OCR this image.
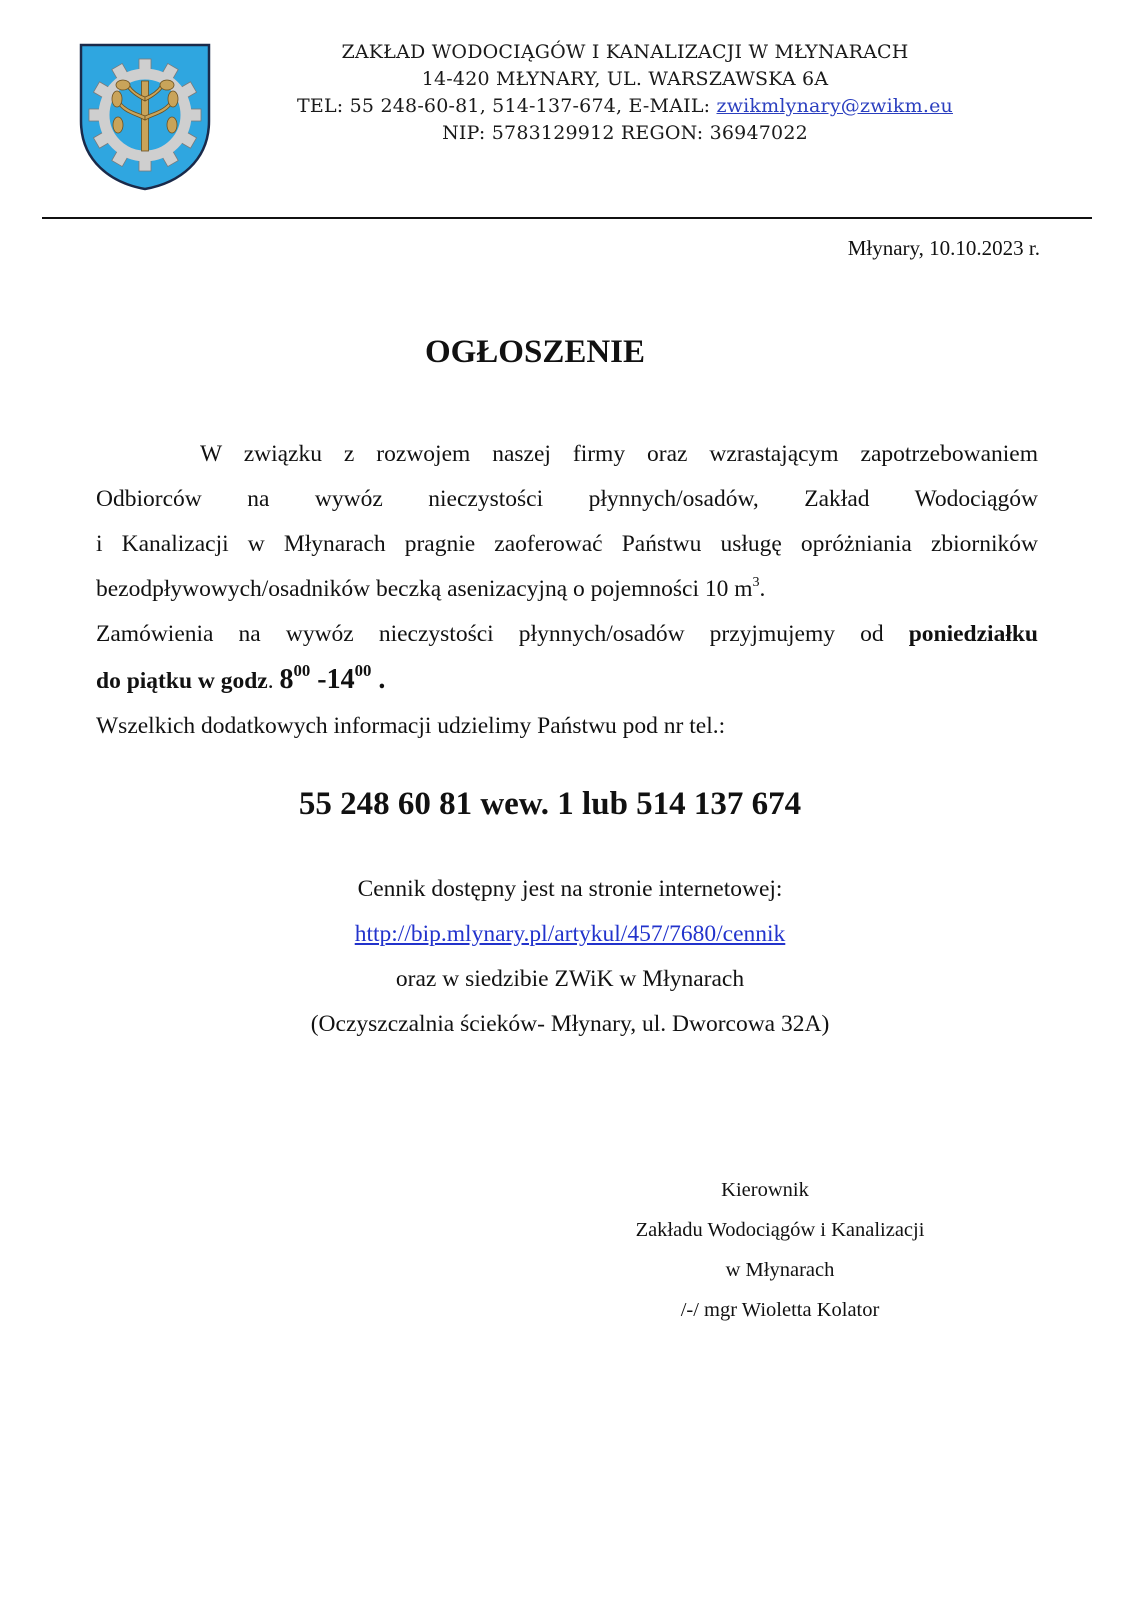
ZAKŁAD WODOCIĄGÓW I KANALIZACJI W MŁYNARACH
14-420 MŁYNARY, UL. WARSZAWSKA 6A
TEL: 55 248-60-81, 514-137-674, E-MAIL: zwikmlynary@zwikm.eu
NIP: 5783129912 REGON: 36947022
Młynary, 10.10.2023 r.
OGŁOSZENIE
W związku z rozwojem naszej firmy oraz wzrastającym zapotrzebowaniem
Odbiorców na wywóz nieczystości płynnych/osadów, Zakład Wodociągów
i Kanalizacji w Młynarach pragnie zaoferować Państwu usługę opróżniania zbiorników
bezodpływowych/osadników beczką asenizacyjną o pojemności 10 $m^3$.
Zamówienia na wywóz nieczystości płynnych/osadów przyjmujemy od poniedziałku
do piątku w godz. $8^{00}$ $-14^{00}$ .
Wszelkich dodatkowych informacji udzielimy Państwu pod nr tel.:
55 248 60 81 wew. 1 lub 514 137 674
Cennik dostępny jest na stronie internetowej:
http://bip.mlynary.pl/artykul/457/7680/cennik
oraz w siedzibie ZWiK w Młynarach
(Oczyszczalnia ścieków- Młynary, ul. Dworcowa 32A)
Kierownik
Zakładu Wodociągów i Kanalizacji
w Młynarach
/-/ mgr Wioletta Kolator
